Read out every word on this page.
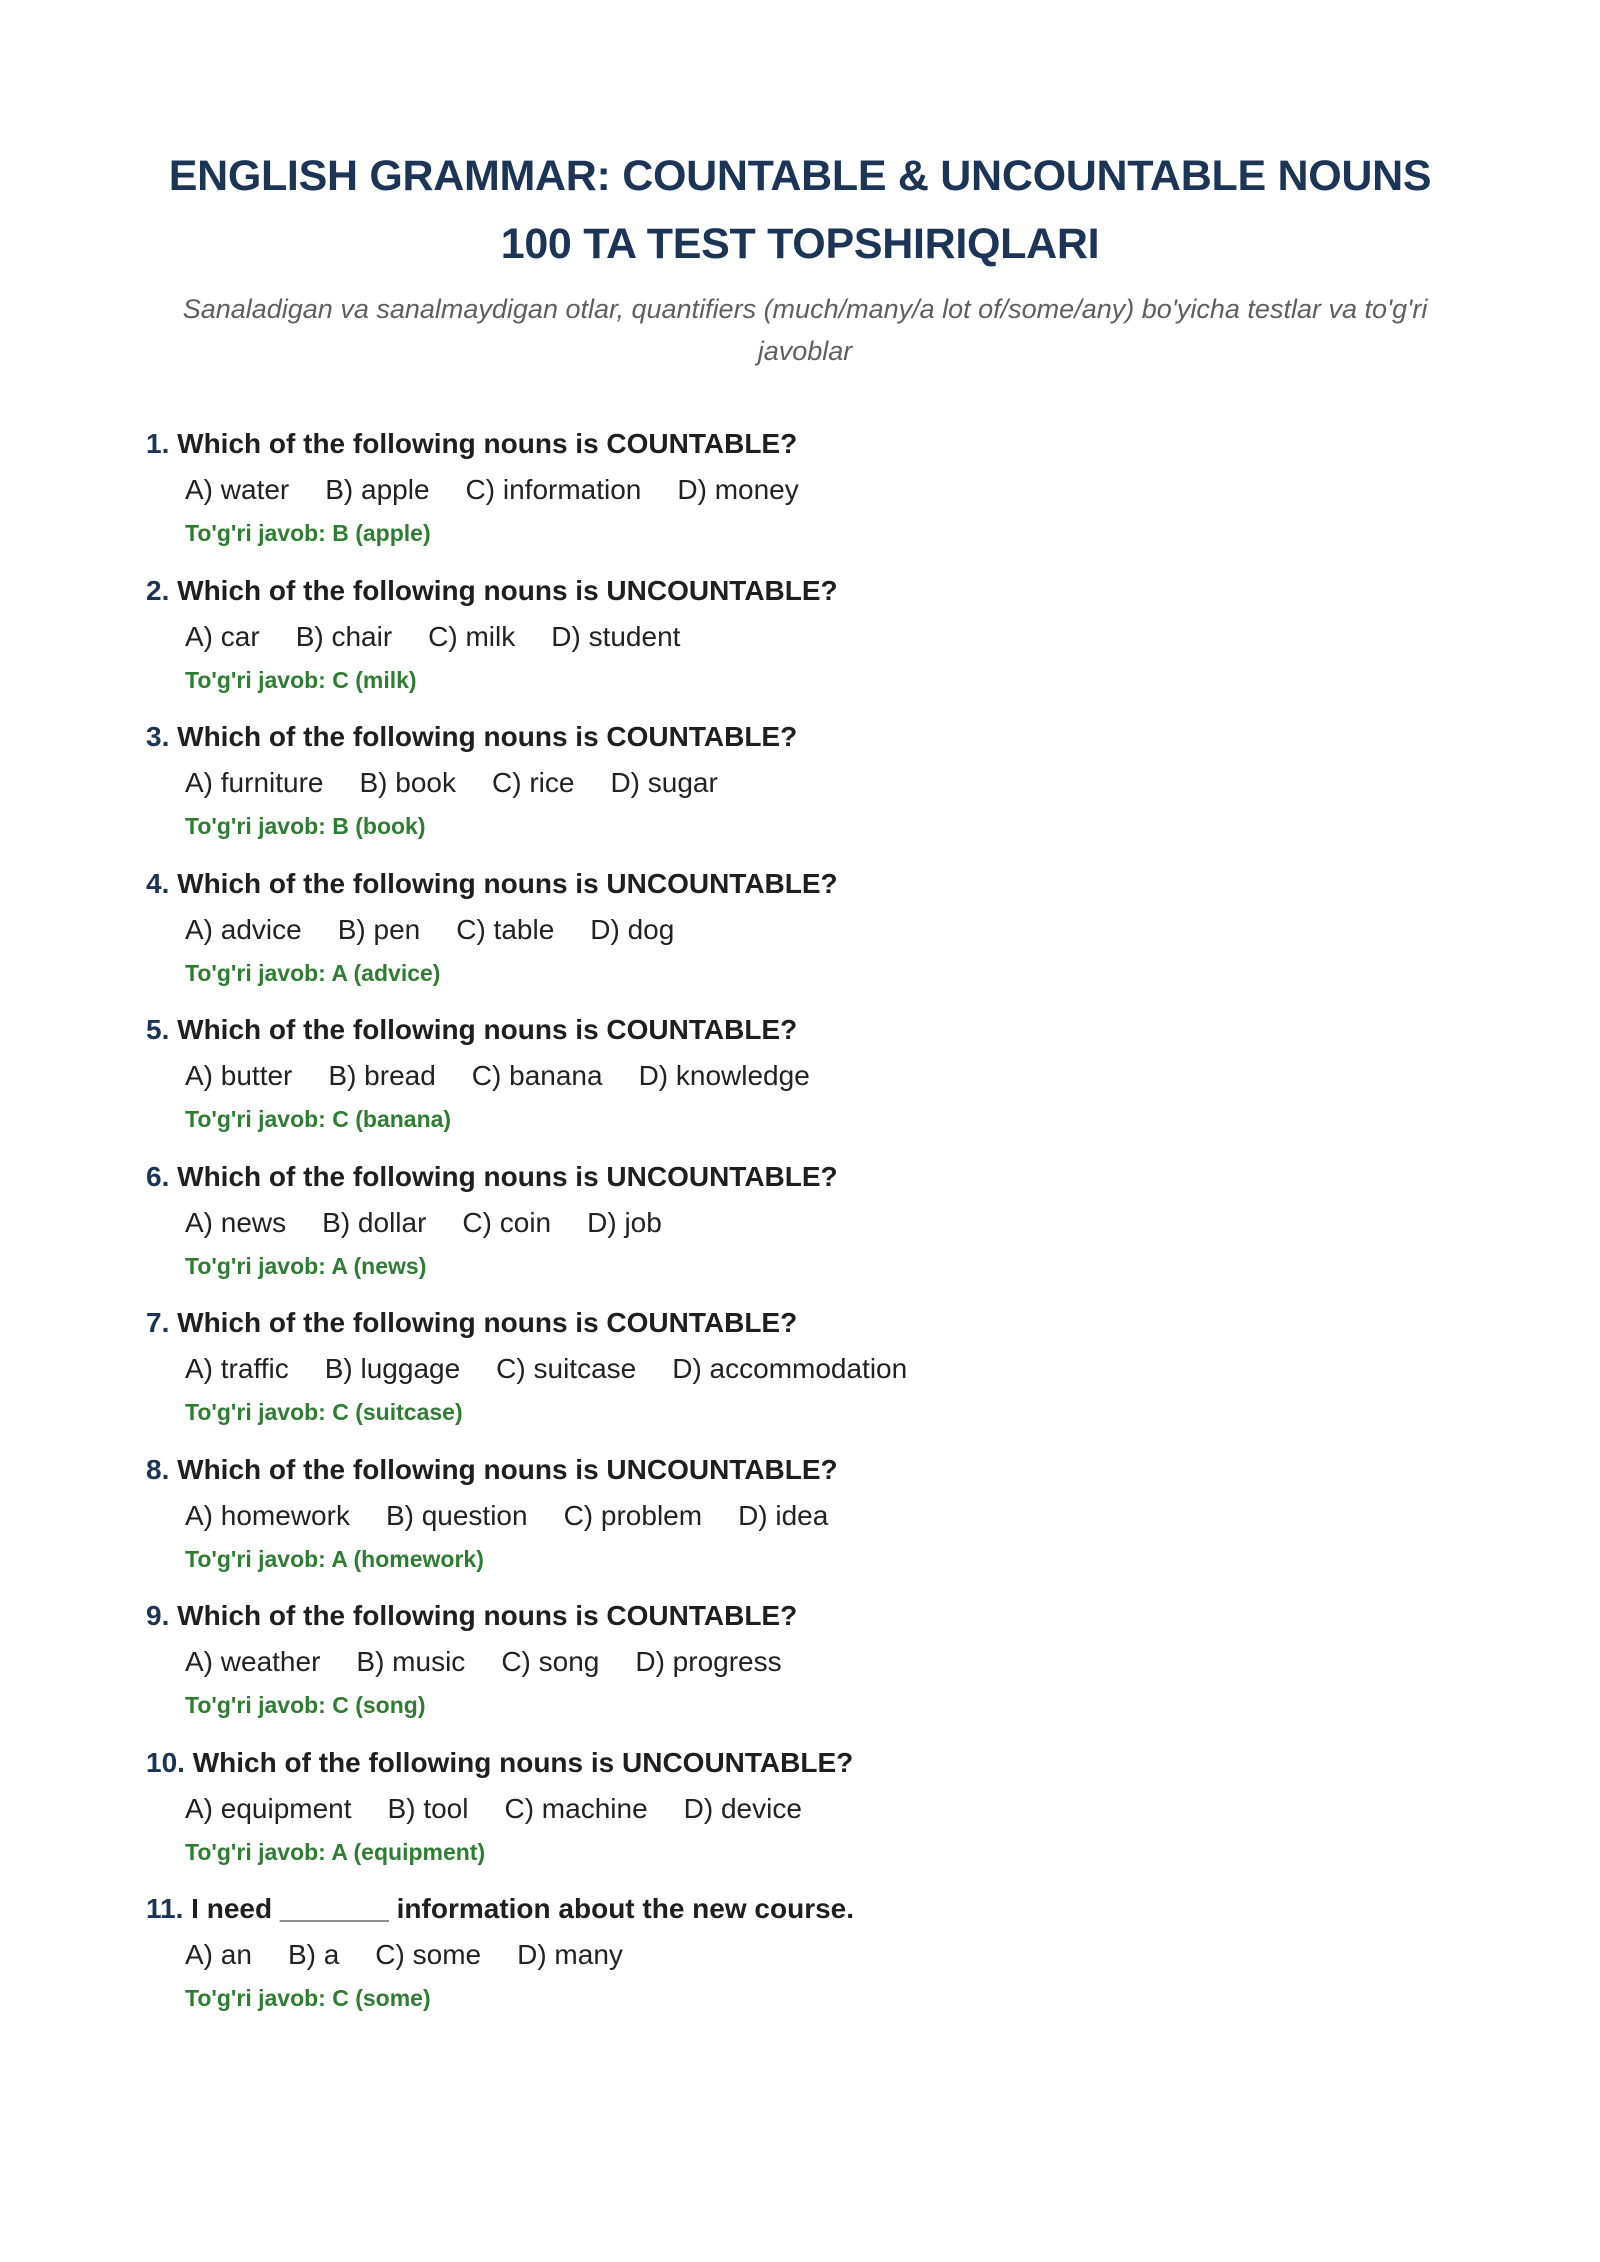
ENGLISH GRAMMAR: COUNTABLE & UNCOUNTABLE NOUNS
100 TA TEST TOPSHIRIQLARI

Sanaladigan va sanalmaydigan otlar, quantifiers (much/many/a lot of/some/any) bo'yicha testlar va to'g'ri javoblar

1. Which of the following nouns is COUNTABLE?
A) water B) apple C) information D) money
To'g'ri javob: B (apple)
2. Which of the following nouns is UNCOUNTABLE?
A) car B) chair C) milk D) student
To'g'ri javob: C (milk)
3. Which of the following nouns is COUNTABLE?
A) furniture B) book C) rice D) sugar
To'g'ri javob: B (book)
4. Which of the following nouns is UNCOUNTABLE?
A) advice B) pen C) table D) dog
To'g'ri javob: A (advice)
5. Which of the following nouns is COUNTABLE?
A) butter B) bread C) banana D) knowledge
To'g'ri javob: C (banana)
6. Which of the following nouns is UNCOUNTABLE?
A) news B) dollar C) coin D) job
To'g'ri javob: A (news)
7. Which of the following nouns is COUNTABLE?
A) traffic B) luggage C) suitcase D) accommodation
To'g'ri javob: C (suitcase)
8. Which of the following nouns is UNCOUNTABLE?
A) homework B) question C) problem D) idea
To'g'ri javob: A (homework)
9. Which of the following nouns is COUNTABLE?
A) weather B) music C) song D) progress
To'g'ri javob: C (song)
10. Which of the following nouns is UNCOUNTABLE?
A) equipment B) tool C) machine D) device
To'g'ri javob: A (equipment)
11. I need _______ information about the new course.
A) an B) a C) some D) many
To'g'ri javob: C (some)
